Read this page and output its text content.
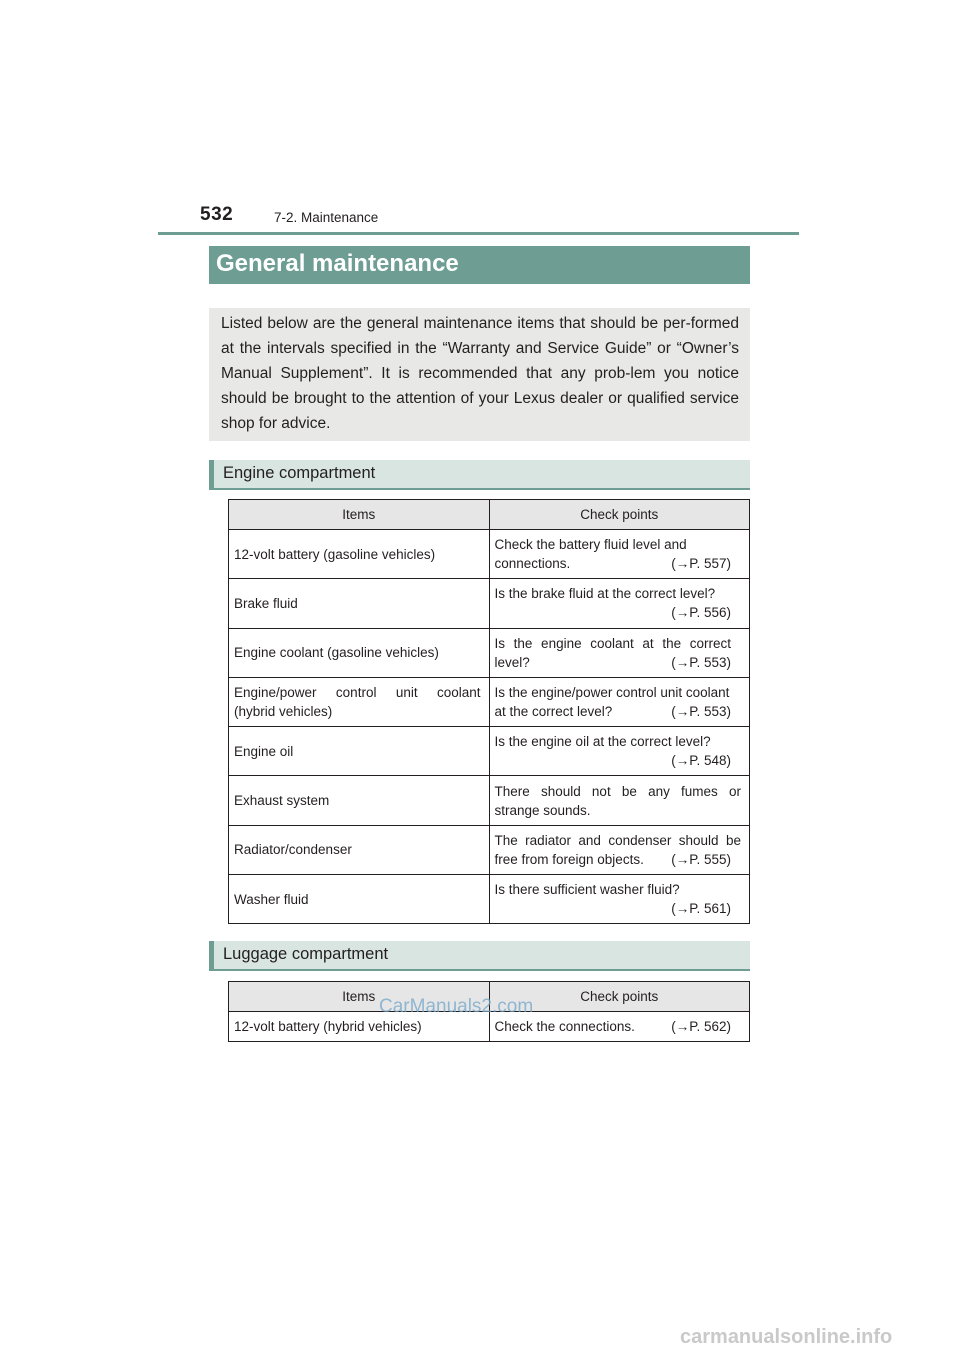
532	7-2. Maintenance
General maintenance
Listed below are the general maintenance items that should be per-formed at the intervals specified in the “Warranty and Service Guide” or “Owner’s Manual Supplement”. It is recommended that any prob-lem you notice should be brought to the attention of your Lexus dealer or qualified service shop for advice.
Engine compartment
Items	Check points
12-volt battery (gasoline vehicles)	Check the battery fluid level and
connections. (→P. 557)

Brake fluid	Is the brake fluid at the correct level?
(→P. 556)

Engine coolant (gasoline vehicles)	Is the engine coolant at the correct
level? (→P. 553)

Engine/power control unit coolant
(hybrid vehicles)	Is the engine/power control unit coolant
at the correct level? (→P. 553)

Engine oil	Is the engine oil at the correct level?
(→P. 548)

Exhaust system	There should not be any fumes or
strange sounds.

Radiator/condenser	The radiator and condenser should be
free from foreign objects. (→P. 555)

Washer fluid	Is there sufficient washer fluid?
(→P. 561)
Luggage compartment
Items	Check points
12-volt battery (hybrid vehicles)	Check the connections. (→P. 562)
CarManuals2.com
carmanualsonline.info
